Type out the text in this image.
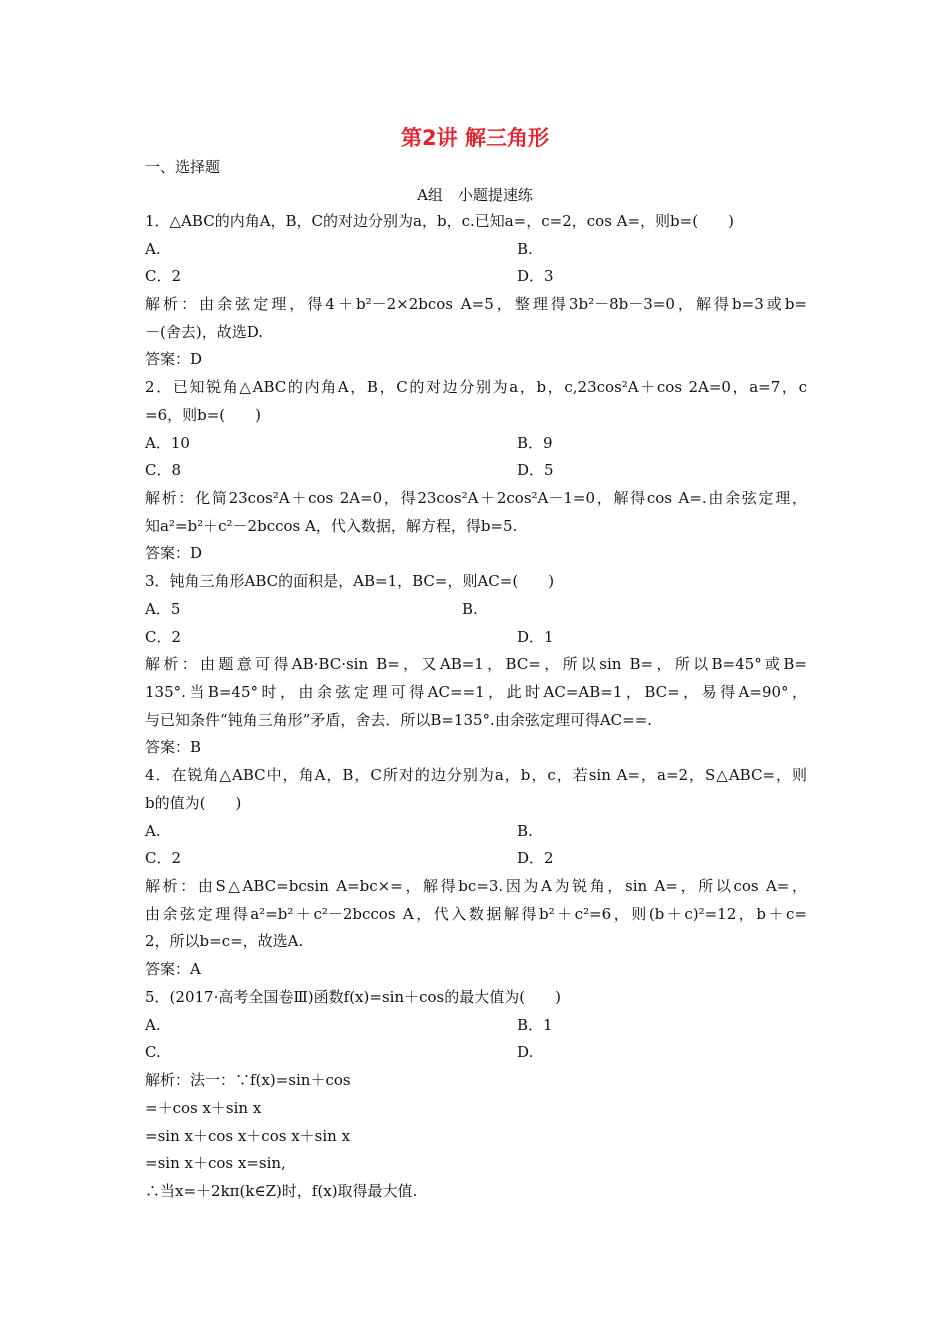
第2讲 解三角形
一、选择题
A组　小题提速练
1．△ABC的内角A，B，C的对边分别为a，b，c.已知a=，c=2，cos A=，则b=(　　)
A.	B.
C．2	D．3
解析：由余弦定理，得4＋b²－2×2bcos A=5，整理得3b²－8b－3=0，解得b=3或b=
－(舍去)，故选D.
答案：D
2．已知锐角△ABC的内角A，B，C的对边分别为a，b，c,23cos²A＋cos 2A=0，a=7，c
=6，则b=(　　)
A．10	B．9
C．8	D．5
解析：化简23cos²A＋cos 2A=0，得23cos²A＋2cos²A－1=0，解得cos A=.由余弦定理，
知a²=b²＋c²－2bccos A，代入数据，解方程，得b=5.
答案：D
3．钝角三角形ABC的面积是，AB=1，BC=，则AC=(　　)
A．5	B.
C．2	D．1
解析：由题意可得AB·BC·sin B=，又AB=1，BC=，所以sin B=，所以B=45°或B=
135°.当B=45°时，由余弦定理可得AC==1，此时AC=AB=1，BC=，易得A=90°，
与已知条件“钝角三角形”矛盾，舍去．所以B=135°.由余弦定理可得AC==.
答案：B
4．在锐角△ABC中，角A，B，C所对的边分别为a，b，c，若sin A=，a=2，S△ABC=，则
b的值为(　　)
A.	B.
C．2	D．2
解析：由S△ABC=bcsin A=bc×=，解得bc=3.因为A为锐角，sin A=，所以cos A=，
由余弦定理得a²=b²＋c²－2bccos A，代入数据解得b²＋c²=6，则(b＋c)²=12，b＋c=
2，所以b=c=，故选A.
答案：A
5．(2017·高考全国卷Ⅲ)函数f(x)=sin＋cos的最大值为(　　)
A.	B．1
C.	D.
解析：法一：∵f(x)=sin＋cos
=＋cos x＋sin x
=sin x＋cos x＋cos x＋sin x
=sin x＋cos x=sin,
∴当x=＋2kπ(k∈Z)时，f(x)取得最大值.
